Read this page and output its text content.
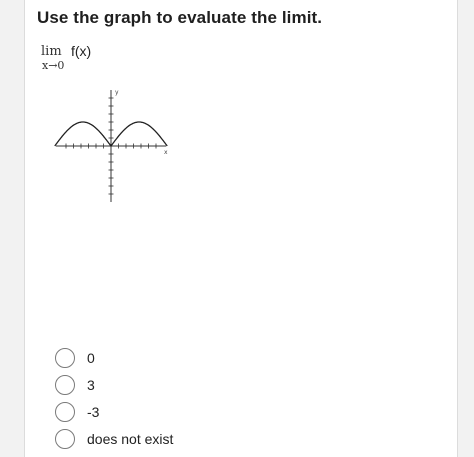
Use the graph to evaluate the limit.
lim f(x)
x→0
y
x
0
3
-3
does not exist
